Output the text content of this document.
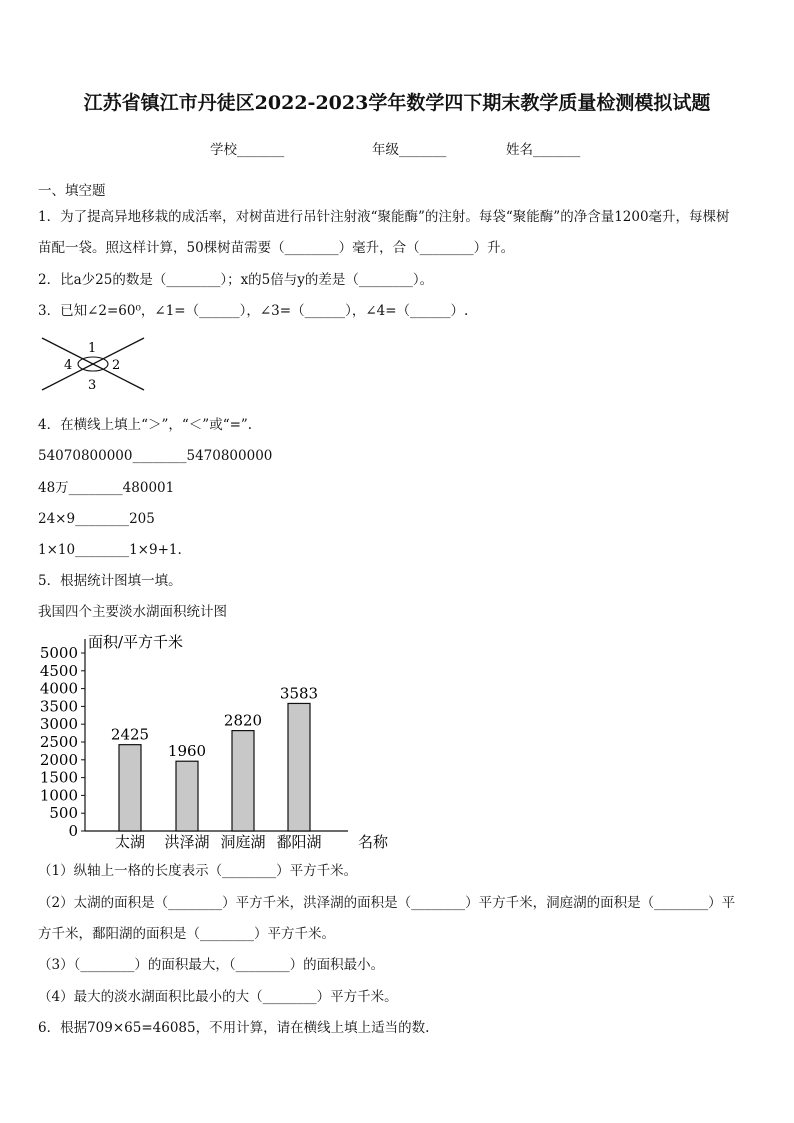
江苏省镇江市丹徒区2022-2023学年数学四下期末教学质量检测模拟试题
学校_______	年级_______	姓名_______
一、填空题
1．为了提高异地移栽的成活率，对树苗进行吊针注射液“聚能酶”的注射。每袋“聚能酶”的净含量1200毫升，每棵树
苗配一袋。照这样计算，50棵树苗需要（________）毫升，合（________）升。
2．比a少25的数是（________）；x的5倍与y的差是（________）。
3．已知∠2=60⁰，∠1=（______），∠3=（______），∠4=（______）.
1
2
3
4
4．在横线上填上“＞”，“＜”或“=”.
54070800000________5470800000
48万________480001
24×9________205
1×10________1×9+1.
5．根据统计图填一填。
我国四个主要淡水湖面积统计图
0
500
1000
1500
2000
2500
3000
3500
4000
4500
5000
2425
1960
2820
3583
太湖 洪泽湖 洞庭湖 鄱阳湖
面积/平方千米
名称
（1）纵轴上一格的长度表示（________）平方千米。
（2）太湖的面积是（________）平方千米，洪泽湖的面积是（________）平方千米，洞庭湖的面积是（________）平
方千米，鄱阳湖的面积是（________）平方千米。
（3）（________）的面积最大，（________）的面积最小。
（4）最大的淡水湖面积比最小的大（________）平方千米。
6．根据709×65=46085，不用计算，请在横线上填上适当的数.
